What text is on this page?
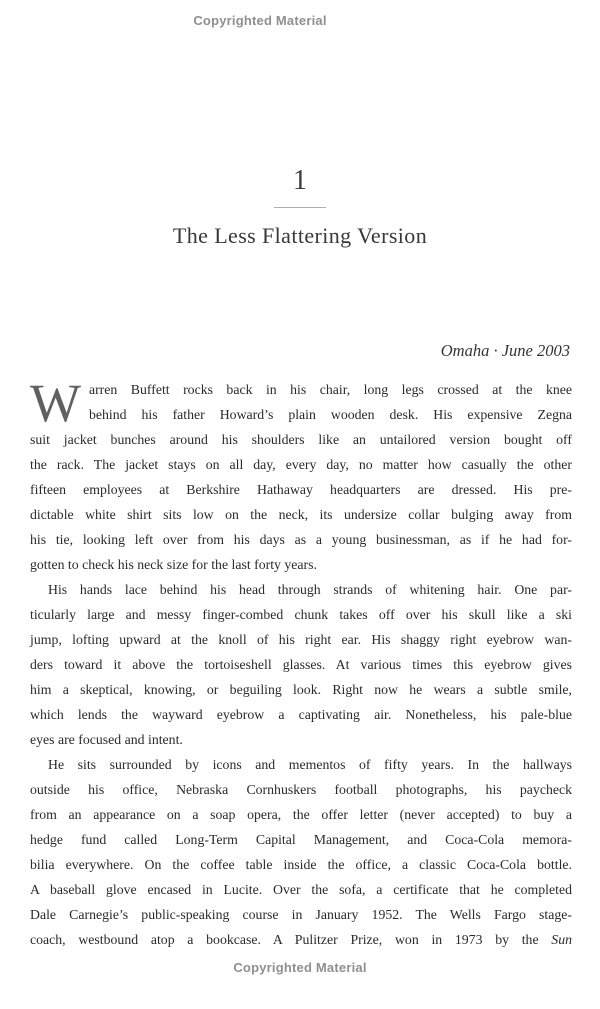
Copyrighted Material
1
The Less Flattering Version
Omaha · June 2003
W arren Buffett rocks back in his chair, long legs crossed at the knee
behind his father Howard’s plain wooden desk. His expensive Zegna
suit jacket bunches around his shoulders like an untailored version bought off
the rack. The jacket stays on all day, every day, no matter how casually the other
fifteen employees at Berkshire Hathaway headquarters are dressed. His pre-
dictable white shirt sits low on the neck, its undersize collar bulging away from
his tie, looking left over from his days as a young businessman, as if he had for-
gotten to check his neck size for the last forty years.
His hands lace behind his head through strands of whitening hair. One par-
ticularly large and messy finger-combed chunk takes off over his skull like a ski
jump, lofting upward at the knoll of his right ear. His shaggy right eyebrow wan-
ders toward it above the tortoiseshell glasses. At various times this eyebrow gives
him a skeptical, knowing, or beguiling look. Right now he wears a subtle smile,
which lends the wayward eyebrow a captivating air. Nonetheless, his pale-blue
eyes are focused and intent.
He sits surrounded by icons and mementos of fifty years. In the hallways
outside his office, Nebraska Cornhuskers football photographs, his paycheck
from an appearance on a soap opera, the offer letter (never accepted) to buy a
hedge fund called Long-Term Capital Management, and Coca-Cola memora-
bilia everywhere. On the coffee table inside the office, a classic Coca-Cola bottle.
A baseball glove encased in Lucite. Over the sofa, a certificate that he completed
Dale Carnegie’s public-speaking course in January 1952. The Wells Fargo stage-
coach, westbound atop a bookcase. A Pulitzer Prize, won in 1973 by the Sun
Copyrighted Material
